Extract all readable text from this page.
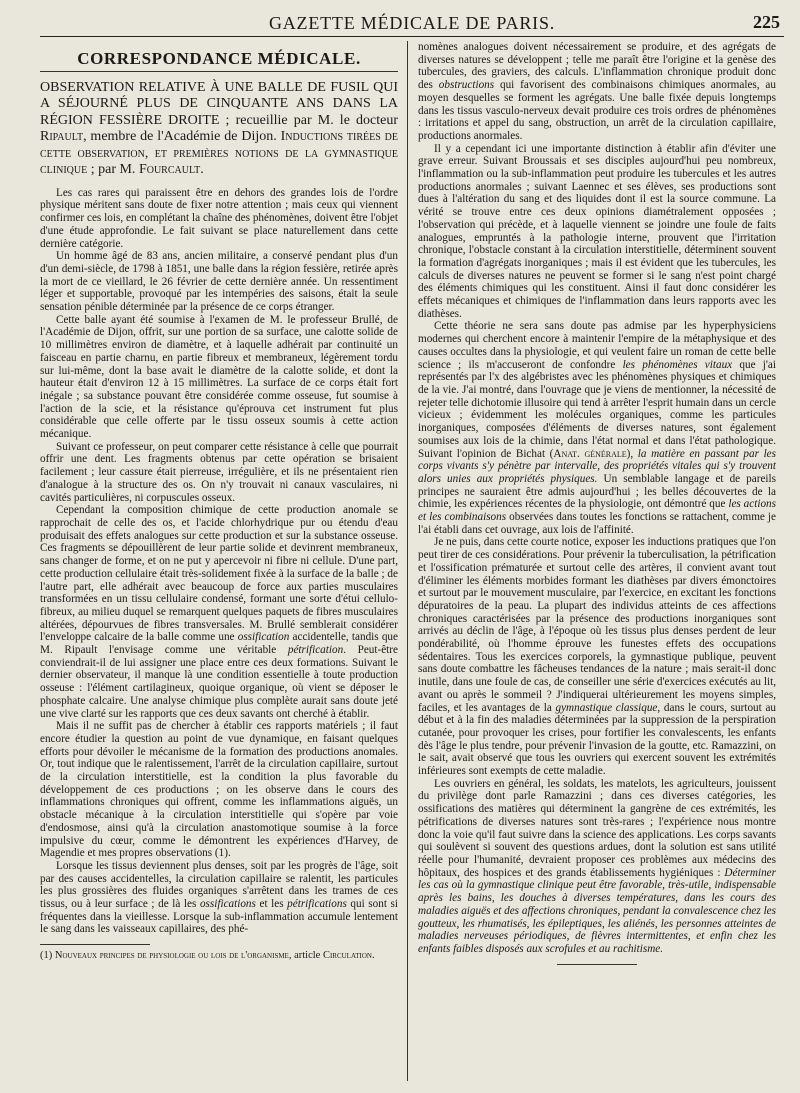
GAZETTE MÉDICALE DE PARIS.	225
CORRESPONDANCE MÉDICALE.
OBSERVATION RELATIVE À UNE BALLE DE FUSIL QUI A SÉJOURNÉ PLUS DE CINQUANTE ANS DANS LA RÉGION FESSIÈRE DROITE ; recueillie par M. le docteur Ripault, membre de l'Académie de Dijon. Inductions tirées de cette observation, et premières notions de la gymnastique clinique ; par M. Fourcault.

Les cas rares qui paraissent être en dehors des grandes lois de l'ordre physique méritent sans doute de fixer notre attention ; mais ceux qui viennent confirmer ces lois, en complétant la chaîne des phénomènes, doivent être l'objet d'une étude approfondie. Le fait suivant se place naturellement dans cette dernière catégorie.

Un homme âgé de 83 ans, ancien militaire, a conservé pendant plus d'un d'un demi-siècle, de 1798 à 1851, une balle dans la région fessière, retirée après la mort de ce vieillard, le 26 février de cette dernière année. Un ressentiment léger et supportable, provoqué par les intempéries des saisons, était la seule sensation pénible déterminée par la présence de ce corps étranger.

Cette balle ayant été soumise à l'examen de M. le professeur Brullé, de l'Académie de Dijon, offrit, sur une portion de sa surface, une calotte solide de 10 millimètres environ de diamètre, et à laquelle adhérait par continuité un faisceau en partie charnu, en partie fibreux et membraneux, légèrement tordu sur lui-même, dont la base avait le diamètre de la calotte solide, et dont la hauteur était d'environ 12 à 15 millimètres. La surface de ce corps était fort inégale ; sa substance pouvant être considérée comme osseuse, fut soumise à l'action de la scie, et la résistance qu'éprouva cet instrument fut plus considérable que celle offerte par le tissu osseux soumis à cette action mécanique.

Suivant ce professeur, on peut comparer cette résistance à celle que pourrait offrir une dent. Les fragments obtenus par cette opération se brisaient facilement ; leur cassure était pierreuse, irrégulière, et ils ne présentaient rien d'analogue à la structure des os. On n'y trouvait ni canaux vasculaires, ni cavités particulières, ni corpuscules osseux.

Cependant la composition chimique de cette production anomale se rapprochait de celle des os, et l'acide chlorhydrique pur ou étendu d'eau produisait des effets analogues sur cette production et sur la substance osseuse. Ces fragments se dépouillèrent de leur partie solide et devinrent membraneux, sans changer de forme, et on ne put y apercevoir ni fibre ni cellule. D'une part, cette production cellulaire était très-solidement fixée à la surface de la balle ; de l'autre part, elle adhérait avec beaucoup de force aux parties musculaires transformées en un tissu cellulaire condensé, formant une sorte d'étui cellulo-fibreux, au milieu duquel se remarquent quelques paquets de fibres musculaires altérées, dépourvues de fibres transversales. M. Brullé semblerait considérer l'enveloppe calcaire de la balle comme une ossification accidentelle, tandis que M. Ripault l'envisage comme une véritable pétrification. Peut-être conviendrait-il de lui assigner une place entre ces deux formations. Suivant le dernier observateur, il manque là une condition essentielle à toute production osseuse : l'élément cartilagineux, quoique organique, où vient se déposer le phosphate calcaire. Une analyse chimique plus complète aurait sans doute jeté une vive clarté sur les rapports que ces deux savants ont cherché à établir.

Mais il ne suffit pas de chercher à établir ces rapports matériels ; il faut encore étudier la question au point de vue dynamique, en faisant quelques efforts pour dévoiler le mécanisme de la formation des productions anomales. Or, tout indique que le ralentissement, l'arrêt de la circulation capillaire, surtout de la circulation interstitielle, est la condition la plus favorable du développement de ces productions ; on les observe dans le cours des inflammations chroniques qui offrent, comme les inflammations aiguës, un obstacle mécanique à la circulation interstitielle qui s'opère par voie d'endosmose, ainsi qu'à la circulation anastomotique soumise à la force impulsive du cœur, comme le démontrent les expériences d'Harvey, de Magendie et mes propres observations (1).

Lorsque les tissus deviennent plus denses, soit par les progrès de l'âge, soit par des causes accidentelles, la circulation capillaire se ralentit, les particules les plus grossières des fluides organiques s'arrêtent dans les trames de ces tissus, ou à leur surface ; de là les ossifications et les pétrifications qui sont si fréquentes dans la vieillesse. Lorsque la sub-inflammation accumule lentement le sang dans les vaisseaux capillaires, des phé-

(1) Nouveaux principes de physiologie ou lois de l'organisme, article Circulation.

nomènes analogues doivent nécessairement se produire, et des agrégats de diverses natures se développent ; telle me paraît être l'origine et la genèse des tubercules, des graviers, des calculs. L'inflammation chronique produit donc des obstructions qui favorisent des combinaisons chimiques anormales, au moyen desquelles se forment les agrégats. Une balle fixée depuis longtemps dans les tissus vasculo-nerveux devait produire ces trois ordres de phénomènes : irritations et appel du sang, obstruction, un arrêt de la circulation capillaire, productions anormales.

Il y a cependant ici une importante distinction à établir afin d'éviter une grave erreur. Suivant Broussais et ses disciples aujourd'hui peu nombreux, l'inflammation ou la sub-inflammation peut produire les tubercules et les autres productions anormales ; suivant Laennec et ses élèves, ses productions sont dues à l'altération du sang et des liquides dont il est la source commune. La vérité se trouve entre ces deux opinions diamétralement opposées ; l'observation qui précède, et à laquelle viennent se joindre une foule de faits analogues, empruntés à la pathologie interne, prouvent que l'irritation chronique, l'obstacle constant à la circulation interstitielle, déterminent souvent la formation d'agrégats inorganiques ; mais il est évident que les tubercules, les calculs de diverses natures ne peuvent se former si le sang n'est point chargé des éléments chimiques qui les constituent. Ainsi il faut donc considérer les effets mécaniques et chimiques de l'inflammation dans leurs rapports avec les diathèses.

Cette théorie ne sera sans doute pas admise par les hyperphysiciens modernes qui cherchent encore à maintenir l'empire de la métaphysique et des causes occultes dans la physiologie, et qui veulent faire un roman de cette belle science ; ils m'accuseront de confondre les phénomènes vitaux que j'ai représentés par l'x des algébristes avec les phénomènes physiques et chimiques de la vie. J'ai montré, dans l'ouvrage que je viens de mentionner, la nécessité de rejeter telle dichotomie illusoire qui tend à arrêter l'esprit humain dans un cercle vicieux ; évidemment les molécules organiques, comme les particules inorganiques, composées d'éléments de diverses natures, sont également soumises aux lois de la chimie, dans l'état normal et dans l'état pathologique. Suivant l'opinion de Bichat (Anat. générale), la matière en passant par les corps vivants s'y pénètre par intervalle, des propriétés vitales qui s'y trouvent alors unies aux propriétés physiques. Un semblable langage et de pareils principes ne sauraient être admis aujourd'hui ; les belles découvertes de la chimie, les expériences récentes de la physiologie, ont démontré que les actions et les combinaisons observées dans toutes les fonctions se rattachent, comme je l'ai établi dans cet ouvrage, aux lois de l'affinité.

Je ne puis, dans cette courte notice, exposer les inductions pratiques que l'on peut tirer de ces considérations. Pour prévenir la tuberculisation, la pétrification et l'ossification prématurée et surtout celle des artères, il convient avant tout d'éliminer les éléments morbides formant les diathèses par divers émonctoires et surtout par le mouvement musculaire, par l'exercice, en excitant les fonctions dépuratoires de la peau. La plupart des individus atteints de ces affections chroniques caractérisées par la présence des productions inorganiques sont arrivés au déclin de l'âge, à l'époque où les tissus plus denses perdent de leur pondérabilité, où l'homme éprouve les funestes effets des occupations sédentaires. Tous les exercices corporels, la gymnastique publique, peuvent sans doute combattre les fâcheuses tendances de la nature ; mais serait-il donc inutile, dans une foule de cas, de conseiller une série d'exercices exécutés au lit, avant ou après le sommeil ? J'indiquerai ultérieurement les moyens simples, faciles, et les avantages de la gymnastique classique, dans le cours, surtout au début et à la fin des maladies déterminées par la suppression de la perspiration cutanée, pour provoquer les crises, pour fortifier les convalescents, les enfants dès l'âge le plus tendre, pour prévenir l'invasion de la goutte, etc. Ramazzini, on le sait, avait observé que tous les ouvriers qui exercent souvent les extrémités inférieures sont exempts de cette maladie.

Les ouvriers en général, les soldats, les matelots, les agriculteurs, jouissent du privilège dont parle Ramazzini ; dans ces diverses catégories, les ossifications des matières qui déterminent la gangrène de ces extrémités, les pétrifications de diverses natures sont très-rares ; l'expérience nous montre donc la voie qu'il faut suivre dans la science des applications. Les corps savants qui soulèvent si souvent des questions ardues, dont la solution est sans utilité réelle pour l'humanité, devraient proposer ces problèmes aux médecins des hôpitaux, des hospices et des grands établissements hygiéniques : Déterminer les cas où la gymnastique clinique peut être favorable, très-utile, indispensable après les bains, les douches à diverses températures, dans les cours des maladies aiguës et des affections chroniques, pendant la convalescence chez les goutteux, les rhumatisés, les épileptiques, les aliénés, les personnes atteintes de maladies nerveuses périodiques, de fièvres intermittentes, et enfin chez les enfants faibles disposés aux scrofules et au rachitisme.
